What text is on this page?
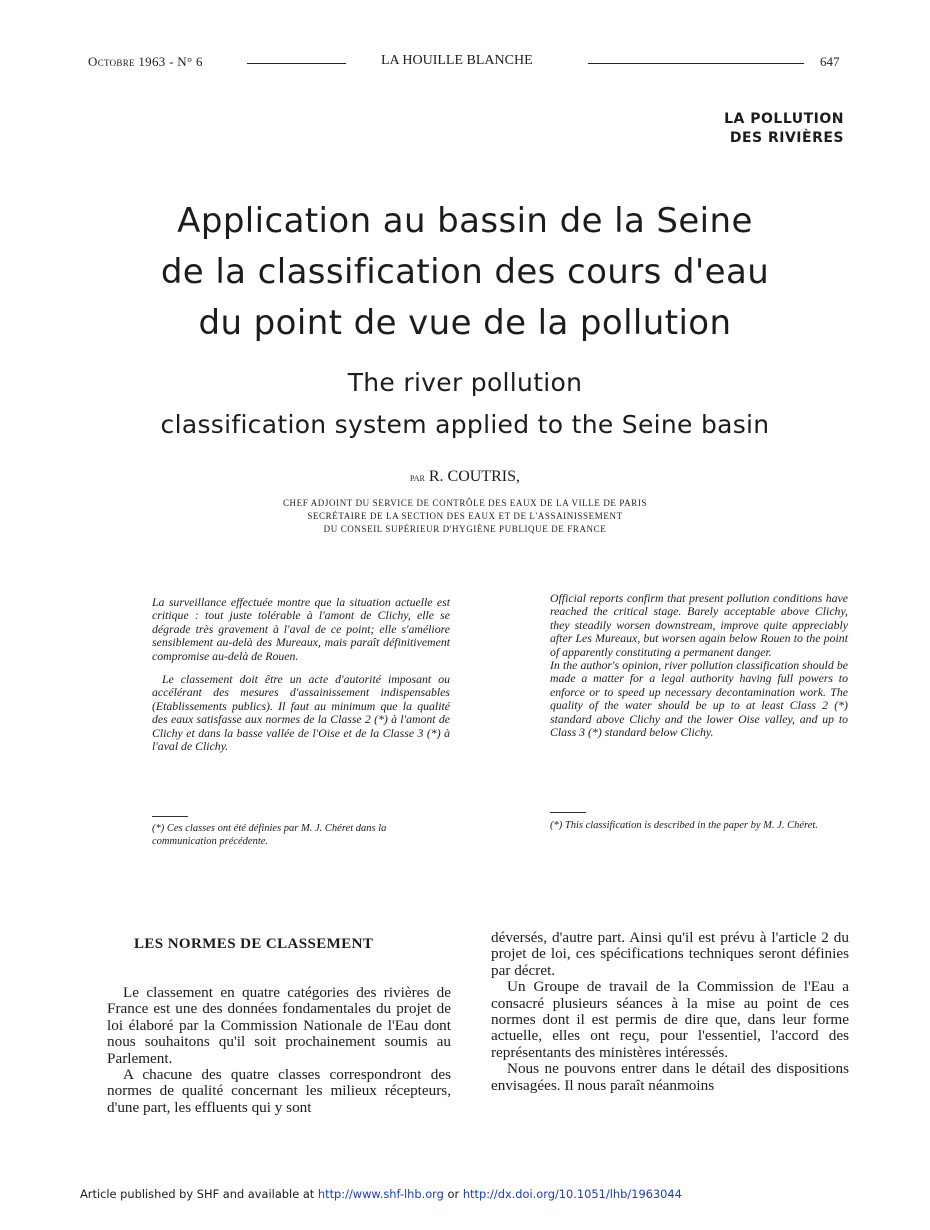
Octobre 1963 - N° 6	LA HOUILLE BLANCHE	647
LA POLLUTION
DES RIVIÈRES
Application au bassin de la Seine
de la classification des cours d'eau
du point de vue de la pollution
The river pollution
classification system applied to the Seine basin
par R. COUTRIS,
CHEF ADJOINT DU SERVICE DE CONTRÔLE DES EAUX DE LA VILLE DE PARIS
SECRÉTAIRE DE LA SECTION DES EAUX ET DE L'ASSAINISSEMENT
DU CONSEIL SUPÉRIEUR D'HYGIÈNE PUBLIQUE DE FRANCE

La surveillance effectuée montre que la situation actuelle est critique : tout juste tolérable à l'amont de Clichy, elle se dégrade très gravement à l'aval de ce point; elle s'améliore sensiblement au-delà des Mureaux, mais paraît définitivement compromise au-delà de Rouen.

Le classement doit être un acte d'autorité imposant ou accélérant des mesures d'assainissement indispensables (Etablissements publics). Il faut au minimum que la qualité des eaux satisfasse aux normes de la Classe 2 (*) à l'amont de Clichy et dans la basse vallée de l'Oise et de la Classe 3 (*) à l'aval de Clichy.

(*) Ces classes ont été définies par M. J. Chéret dans la communication précédente.

Official reports confirm that present pollution conditions have reached the critical stage. Barely acceptable above Clichy, they steadily worsen downstream, improve quite appreciably after Les Mureaux, but worsen again below Rouen to the point of apparently constituting a permanent danger.

In the author's opinion, river pollution classification should be made a matter for a legal authority having full powers to enforce or to speed up necessary decontamination work. The quality of the water should be up to at least Class 2 (*) standard above Clichy and the lower Oise valley, and up to Class 3 (*) standard below Clichy.

(*) This classification is described in the paper by M. J. Chéret.
LES NORMES DE CLASSEMENT

Le classement en quatre catégories des rivières de France est une des données fondamentales du projet de loi élaboré par la Commission Nationale de l'Eau dont nous souhaitons qu'il soit prochainement soumis au Parlement.

A chacune des quatre classes correspondront des normes de qualité concernant les milieux récepteurs, d'une part, les effluents qui y sont

déversés, d'autre part. Ainsi qu'il est prévu à l'article 2 du projet de loi, ces spécifications techniques seront définies par décret.

Un Groupe de travail de la Commission de l'Eau a consacré plusieurs séances à la mise au point de ces normes dont il est permis de dire que, dans leur forme actuelle, elles ont reçu, pour l'essentiel, l'accord des représentants des ministères intéressés.

Nous ne pouvons entrer dans le détail des dispositions envisagées. Il nous paraît néanmoins

Article published by SHF and available at http://www.shf-lhb.org or http://dx.doi.org/10.1051/lhb/1963044
